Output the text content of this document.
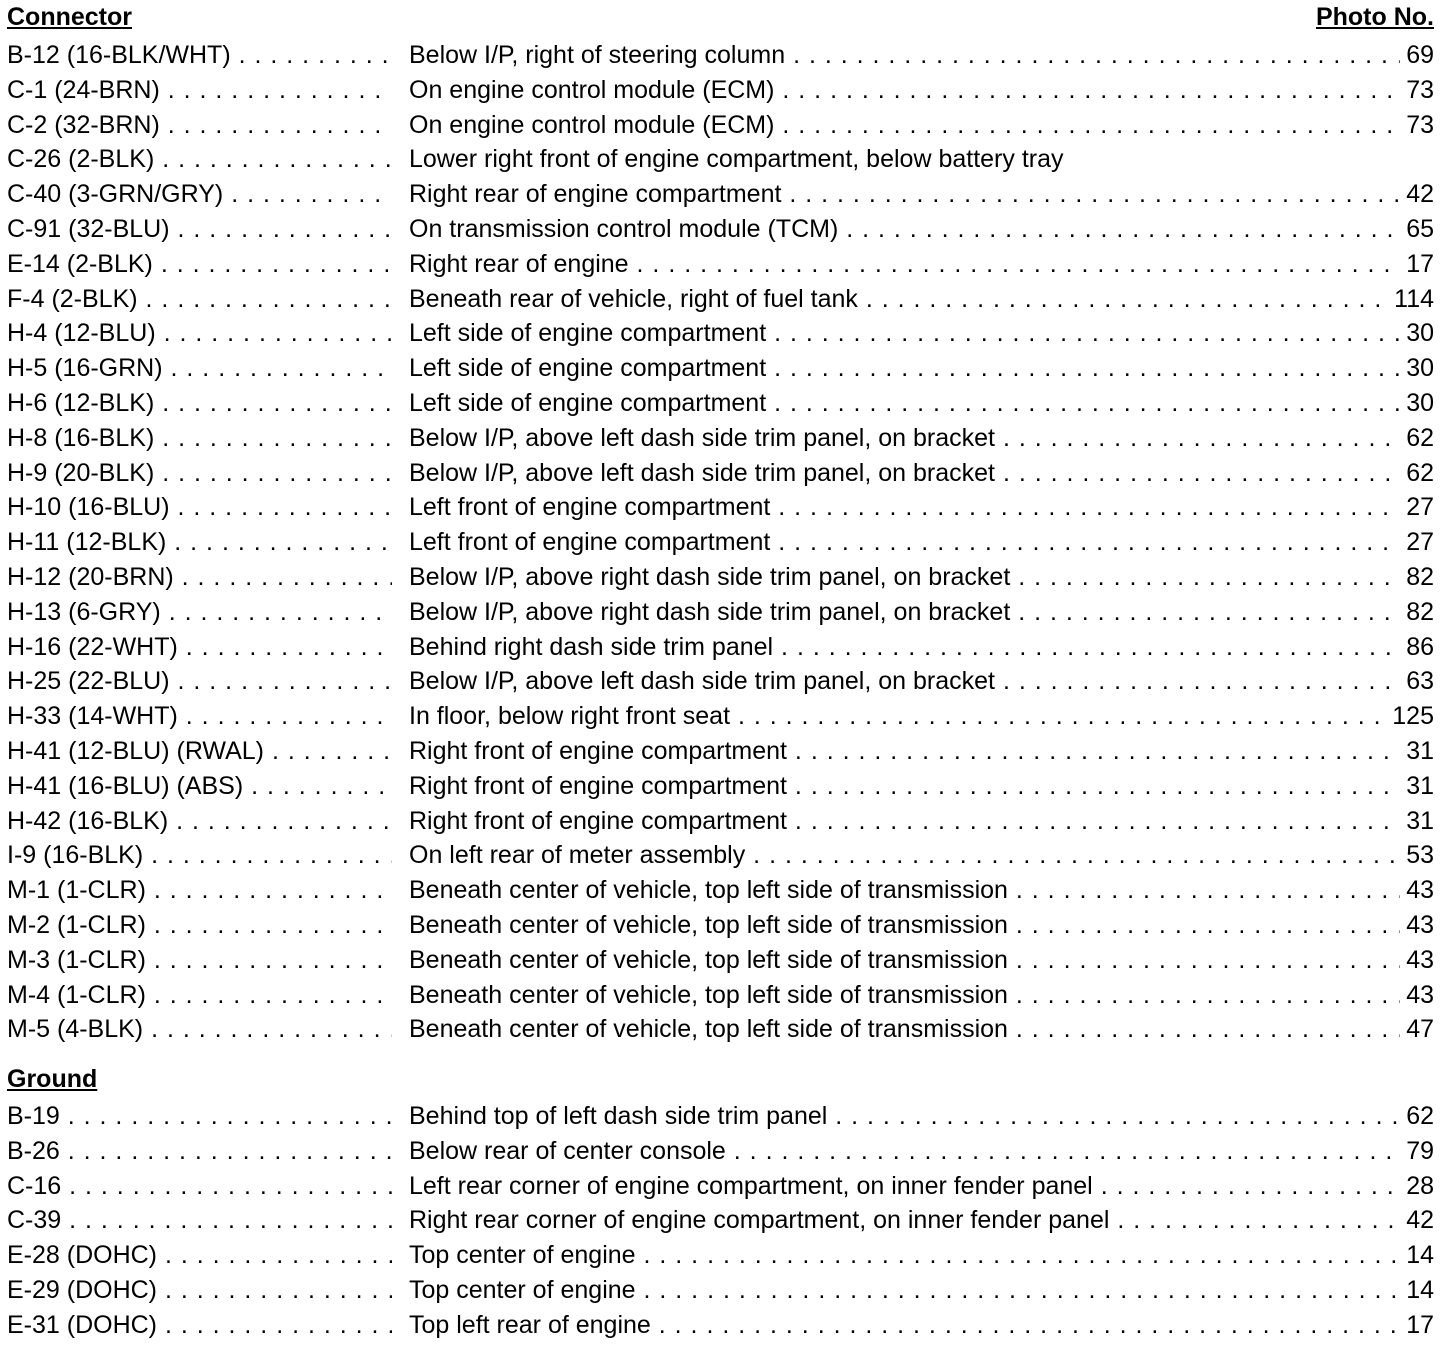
Connector	Photo No.
B-12 (16-BLK/WHT) . . .	Below I/P, right of steering column . . .	69
C-1 (24-BRN) . . .	On engine control module (ECM) . . .	73
C-2 (32-BRN) . . .	On engine control module (ECM) . . .	73
C-26 (2-BLK) . . .	Lower right front of engine compartment, below battery tray
C-40 (3-GRN/GRY) . . .	Right rear of engine compartment . . .	42
C-91 (32-BLU) . . .	On transmission control module (TCM) . . .	65
E-14 (2-BLK) . . .	Right rear of engine . . .	17
F-4 (2-BLK) . . .	Beneath rear of vehicle, right of fuel tank . . .	114
H-4 (12-BLU) . . .	Left side of engine compartment . . .	30
H-5 (16-GRN) . . .	Left side of engine compartment . . .	30
H-6 (12-BLK) . . .	Left side of engine compartment . . .	30
H-8 (16-BLK) . . .	Below I/P, above left dash side trim panel, on bracket . . .	62
H-9 (20-BLK) . . .	Below I/P, above left dash side trim panel, on bracket . . .	62
H-10 (16-BLU) . . .	Left front of engine compartment . . .	27
H-11 (12-BLK) . . .	Left front of engine compartment . . .	27
H-12 (20-BRN) . . .	Below I/P, above right dash side trim panel, on bracket . . .	82
H-13 (6-GRY) . . .	Below I/P, above right dash side trim panel, on bracket . . .	82
H-16 (22-WHT) . . .	Behind right dash side trim panel . . .	86
H-25 (22-BLU) . . .	Below I/P, above left dash side trim panel, on bracket . . .	63
H-33 (14-WHT) . . .	In floor, below right front seat . . .	125
H-41 (12-BLU) (RWAL) . . .	Right front of engine compartment . . .	31
H-41 (16-BLU) (ABS) . . .	Right front of engine compartment . . .	31
H-42 (16-BLK) . . .	Right front of engine compartment . . .	31
I-9 (16-BLK) . . .	On left rear of meter assembly . . .	53
M-1 (1-CLR) . . .	Beneath center of vehicle, top left side of transmission . . .	43
M-2 (1-CLR) . . .	Beneath center of vehicle, top left side of transmission . . .	43
M-3 (1-CLR) . . .	Beneath center of vehicle, top left side of transmission . . .	43
M-4 (1-CLR) . . .	Beneath center of vehicle, top left side of transmission . . .	43
M-5 (4-BLK) . . .	Beneath center of vehicle, top left side of transmission . . .	47
Ground
B-19 . . .	Behind top of left dash side trim panel . . .	62
B-26 . . .	Below rear of center console . . .	79
C-16 . . .	Left rear corner of engine compartment, on inner fender panel . . .	28
C-39 . . .	Right rear corner of engine compartment, on inner fender panel . . .	42
E-28 (DOHC) . . .	Top center of engine . . .	14
E-29 (DOHC) . . .	Top center of engine . . .	14
E-31 (DOHC) . . .	Top left rear of engine . . .	17
